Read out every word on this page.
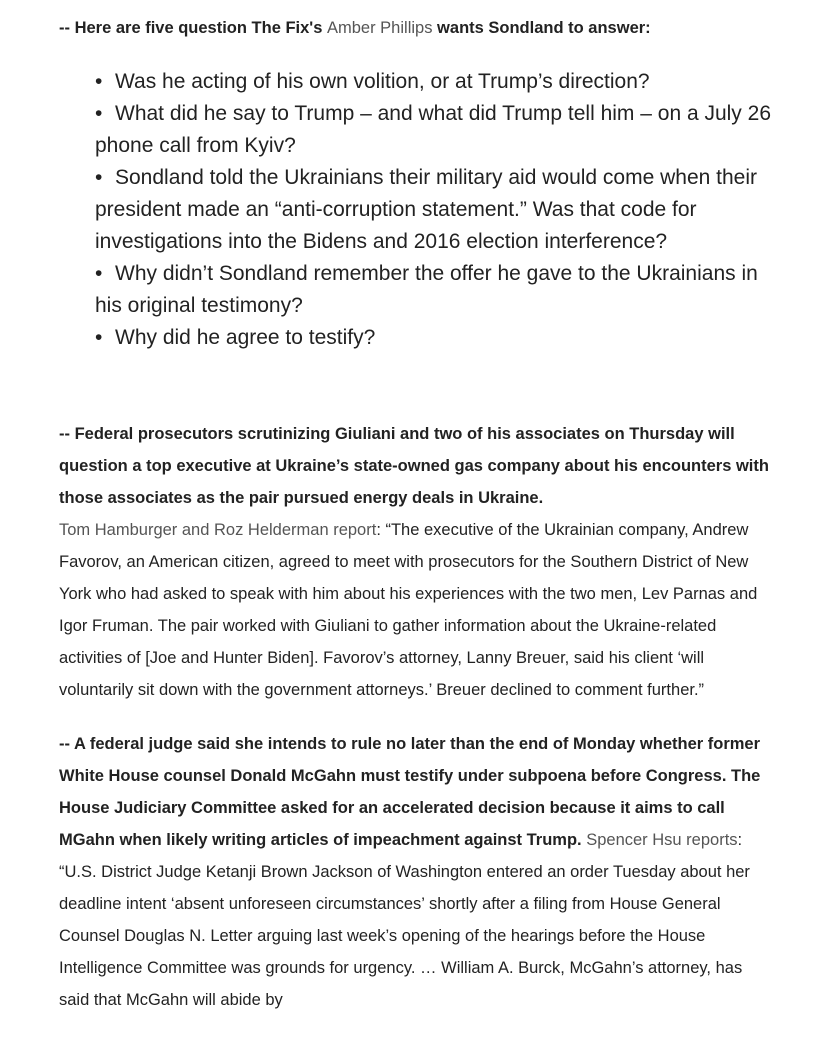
-- Here are five question The Fix's Amber Phillips wants Sondland to answer:

• Was he acting of his own volition, or at Trump’s direction?
• What did he say to Trump – and what did Trump tell him – on a July 26 phone call from Kyiv?
• Sondland told the Ukrainians their military aid would come when their president made an “anti-corruption statement.” Was that code for investigations into the Bidens and 2016 election interference?
• Why didn’t Sondland remember the offer he gave to the Ukrainians in his original testimony?
• Why did he agree to testify?

-- Federal prosecutors scrutinizing Giuliani and two of his associates on Thursday will question a top executive at Ukraine’s state-owned gas company about his encounters with those associates as the pair pursued energy deals in Ukraine.
Tom Hamburger and Roz Helderman report: “The executive of the Ukrainian company, Andrew Favorov, an American citizen, agreed to meet with prosecutors for the Southern District of New York who had asked to speak with him about his experiences with the two men, Lev Parnas and Igor Fruman. The pair worked with Giuliani to gather information about the Ukraine-related activities of [Joe and Hunter Biden]. Favorov’s attorney, Lanny Breuer, said his client ‘will voluntarily sit down with the government attorneys.’ Breuer declined to comment further.”

-- A federal judge said she intends to rule no later than the end of Monday whether former White House counsel Donald McGahn must testify under subpoena before Congress. The House Judiciary Committee asked for an accelerated decision because it aims to call MGahn when likely writing articles of impeachment against Trump. Spencer Hsu reports: “U.S. District Judge Ketanji Brown Jackson of Washington entered an order Tuesday about her deadline intent ‘absent unforeseen circumstances’ shortly after a filing from House General Counsel Douglas N. Letter arguing last week’s opening of the hearings before the House Intelligence Committee was grounds for urgency. … William A. Burck, McGahn’s attorney, has said that McGahn will abide by
